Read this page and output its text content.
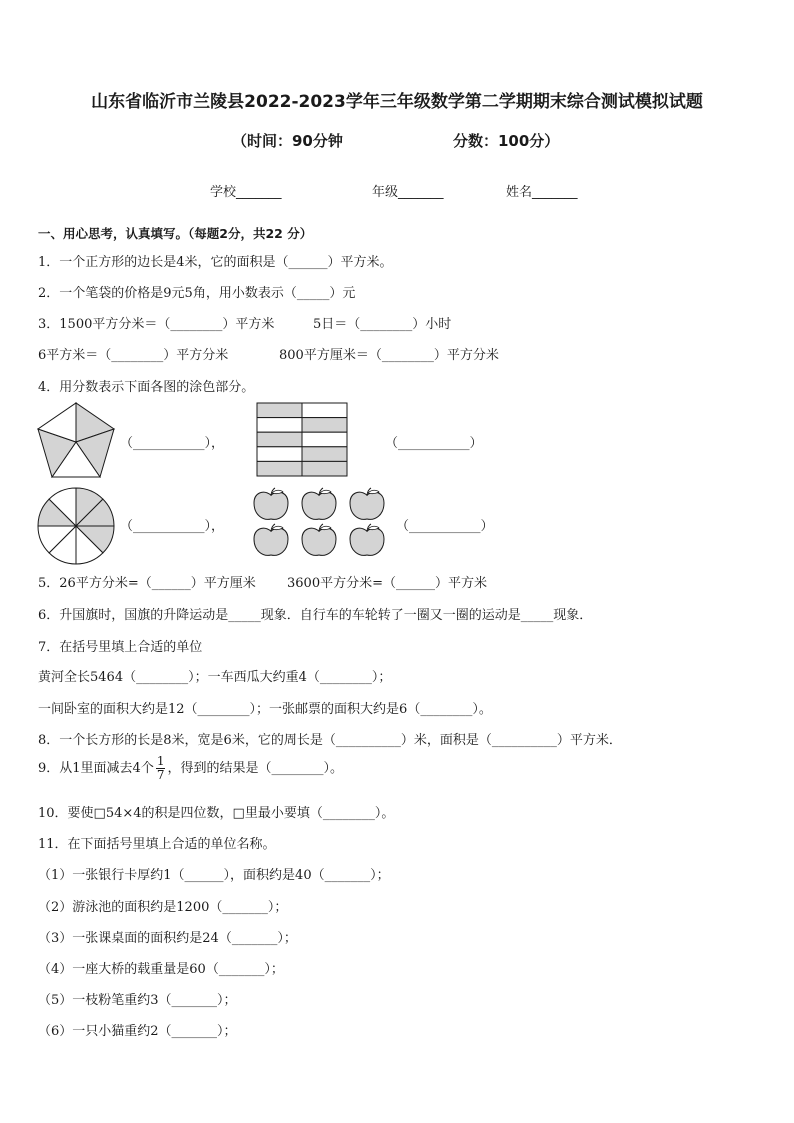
山东省临沂市兰陵县2022-2023学年三年级数学第二学期期末综合测试模拟试题
（时间：90分钟	分数：100分）
学校_______	年级_______	姓名_______
一、用心思考，认真填写。（每题2分，共22 分）
1．一个正方形的边长是4米，它的面积是（______）平方米。
2．一个笔袋的价格是9元5角，用小数表示（_____）元
3．1500平方分米＝（________）平方米	5日＝（________）小时
6平方米＝（________）平方分米	800平方厘米＝（________）平方分米
4．用分数表示下面各图的涂色部分。
（___________），	（___________）
（___________），	（___________）
5．26平方分米=（______）平方厘米 3600平方分米=（______）平方米
6．升国旗时，国旗的升降运动是_____现象．自行车的车轮转了一圈又一圈的运动是_____现象．
7．在括号里填上合适的单位
黄河全长5464（________）；一车西瓜大约重4（________）；
一间卧室的面积大约是12（________）；一张邮票的面积大约是6（________）。
8．一个长方形的长是8米，宽是6米，它的周长是（__________）米，面积是（__________）平方米．
9．从1里面减去4个 $\frac{1}{7}$ ，得到的结果是（________）。
10．要使□54×4的积是四位数，□里最小要填（________）。
11．在下面括号里填上合适的单位名称。
（1）一张银行卡厚约1（______），面积约是40（_______）；
（2）游泳池的面积约是1200（_______）；
（3）一张课桌面的面积约是24（_______）；
（4）一座大桥的载重量是60（_______）；
（5）一枝粉笔重约3（_______）；
（6）一只小猫重约2（_______）；
